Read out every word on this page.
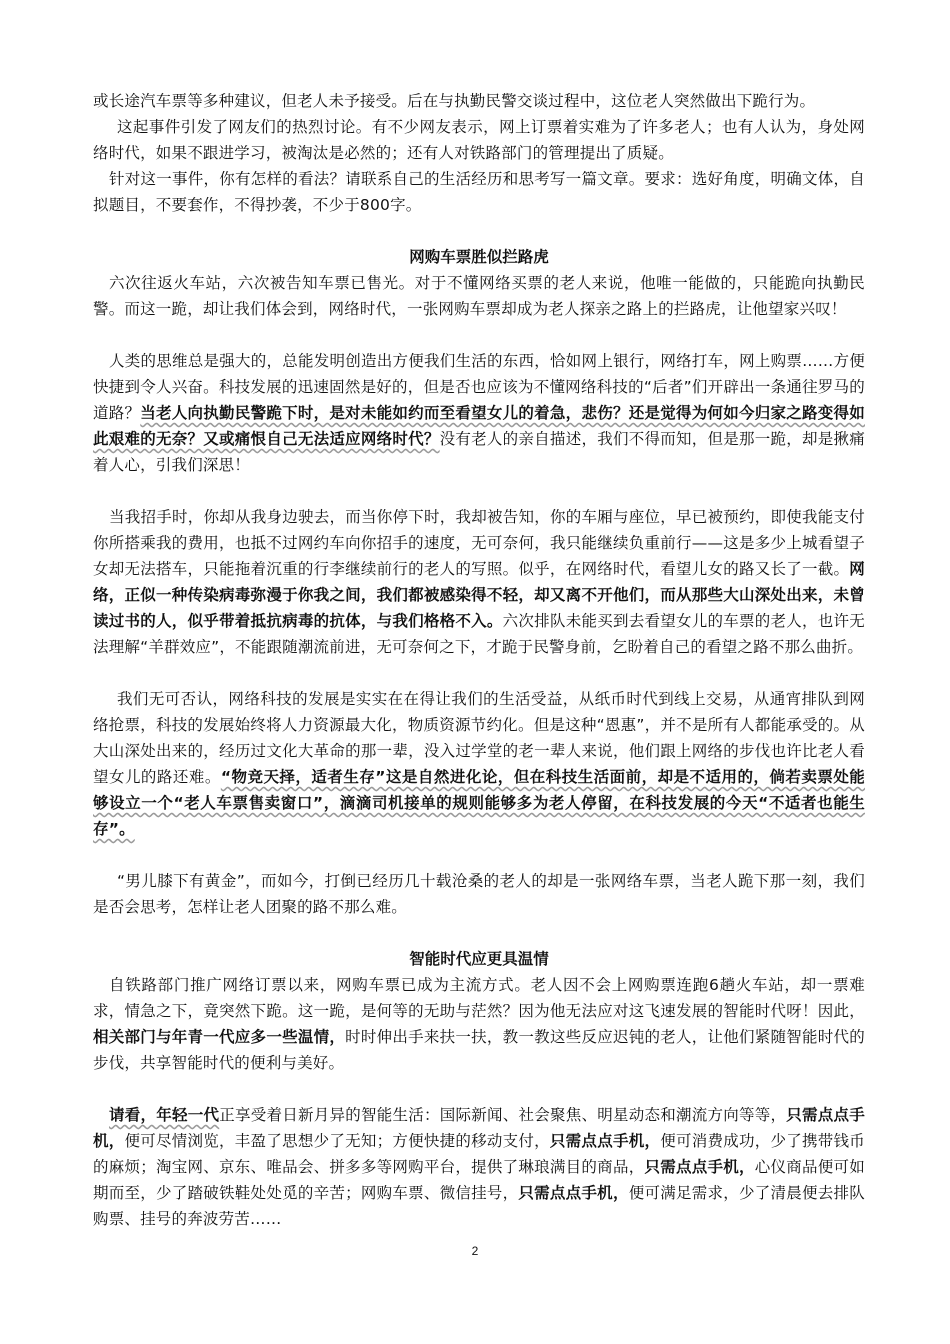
或长途汽车票等多种建议，但老人未予接受。后在与执勤民警交谈过程中，这位老人突然做出下跪行为。

这起事件引发了网友们的热烈讨论。有不少网友表示，网上订票着实难为了许多老人；也有人认为，身处网络时代，如果不跟进学习，被淘汰是必然的；还有人对铁路部门的管理提出了质疑。

针对这一事件，你有怎样的看法？请联系自己的生活经历和思考写一篇文章。要求：选好角度，明确文体，自拟题目，不要套作，不得抄袭，不少于800字。

网购车票胜似拦路虎

六次往返火车站，六次被告知车票已售光。对于不懂网络买票的老人来说，他唯一能做的，只能跪向执勤民警。而这一跪，却让我们体会到，网络时代，一张网购车票却成为老人探亲之路上的拦路虎，让他望家兴叹！

人类的思维总是强大的，总能发明创造出方便我们生活的东西，恰如网上银行，网络打车，网上购票……方便快捷到令人兴奋。科技发展的迅速固然是好的，但是否也应该为不懂网络科技的“后者”们开辟出一条通往罗马的道路？当老人向执勤民警跪下时，是对未能如约而至看望女儿的着急，悲伤？还是觉得为何如今归家之路变得如此艰难的无奈？又或痛恨自己无法适应网络时代？没有老人的亲自描述，我们不得而知，但是那一跪，却是揪痛着人心，引我们深思！

当我招手时，你却从我身边驶去，而当你停下时，我却被告知，你的车厢与座位，早已被预约，即使我能支付你所搭乘我的费用，也抵不过网约车向你招手的速度，无可奈何，我只能继续负重前行——这是多少上城看望子女却无法搭车，只能拖着沉重的行李继续前行的老人的写照。似乎，在网络时代，看望儿女的路又长了一截。网络，正似一种传染病毒弥漫于你我之间，我们都被感染得不轻，却又离不开他们，而从那些大山深处出来，未曾读过书的人，似乎带着抵抗病毒的抗体，与我们格格不入。六次排队未能买到去看望女儿的车票的老人，也许无法理解“羊群效应”，不能跟随潮流前进，无可奈何之下，才跪于民警身前，乞盼着自己的看望之路不那么曲折。

我们无可否认，网络科技的发展是实实在在得让我们的生活受益，从纸币时代到线上交易，从通宵排队到网络抢票，科技的发展始终将人力资源最大化，物质资源节约化。但是这种“恩惠”，并不是所有人都能承受的。从大山深处出来的，经历过文化大革命的那一辈，没入过学堂的老一辈人来说，他们跟上网络的步伐也许比老人看望女儿的路还难。“物竞天择，适者生存”这是自然进化论，但在科技生活面前，却是不适用的，倘若卖票处能够设立一个“老人车票售卖窗口”，滴滴司机接单的规则能够多为老人停留，在科技发展的今天“不适者也能生存”。

“男儿膝下有黄金”，而如今，打倒已经历几十载沧桑的老人的却是一张网络车票，当老人跪下那一刻，我们是否会思考，怎样让老人团聚的路不那么难。

智能时代应更具温情

自铁路部门推广网络订票以来，网购车票已成为主流方式。老人因不会上网购票连跑6趟火车站，却一票难求，情急之下，竟突然下跪。这一跪，是何等的无助与茫然？因为他无法应对这飞速发展的智能时代呀！因此，相关部门与年青一代应多一些温情，时时伸出手来扶一扶，教一教这些反应迟钝的老人，让他们紧随智能时代的步伐，共享智能时代的便利与美好。

请看，年轻一代正享受着日新月异的智能生活：国际新闻、社会聚焦、明星动态和潮流方向等等，只需点点手机，便可尽情浏览，丰盈了思想少了无知；方便快捷的移动支付，只需点点手机，便可消费成功，少了携带钱币的麻烦；淘宝网、京东、唯品会、拼多多等网购平台，提供了琳琅满目的商品，只需点点手机，心仪商品便可如期而至，少了踏破铁鞋处处觅的辛苦；网购车票、微信挂号，只需点点手机，便可满足需求，少了清晨便去排队购票、挂号的奔波劳苦……

2
